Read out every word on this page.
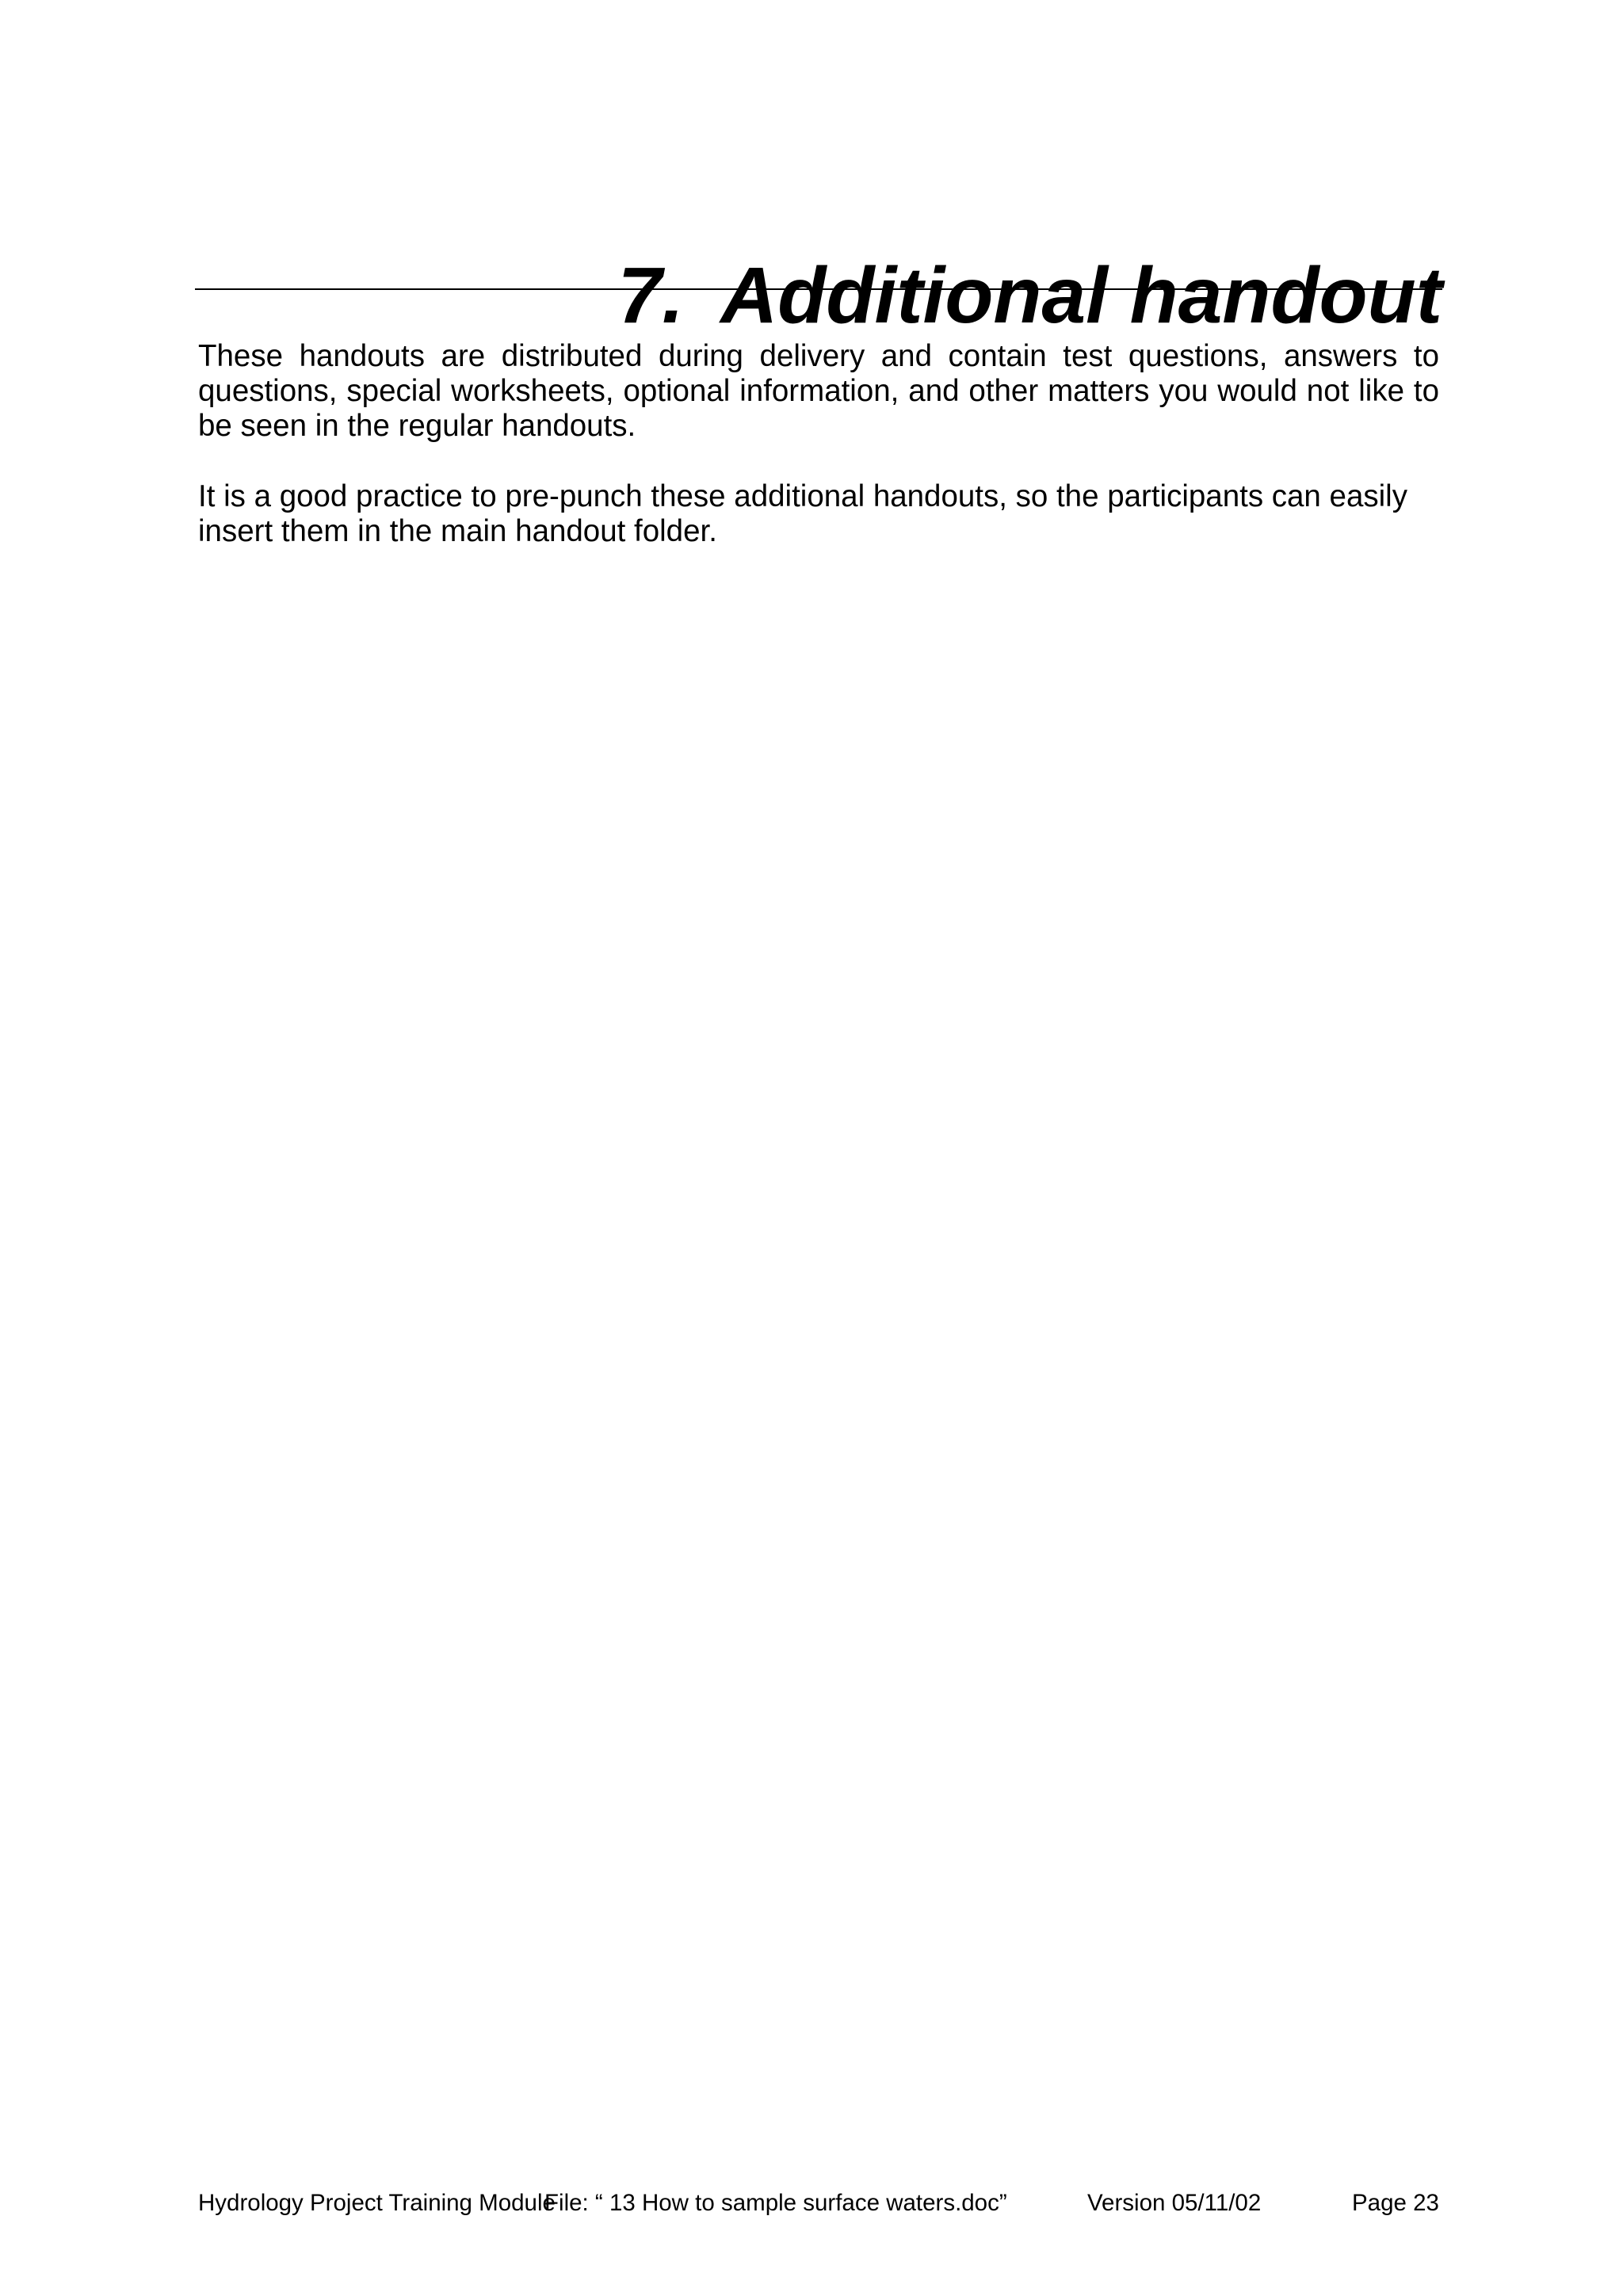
7. Additional handout

These handouts are distributed during delivery and contain test questions, answers to questions, special worksheets, optional information, and other matters you would not like to be seen in the regular handouts.

It is a good practice to pre-punch these additional handouts, so the participants can easily insert them in the main handout folder.

Hydrology Project Training Module
File: “ 13 How to sample surface waters.doc”	Version 05/11/02	Page 23
